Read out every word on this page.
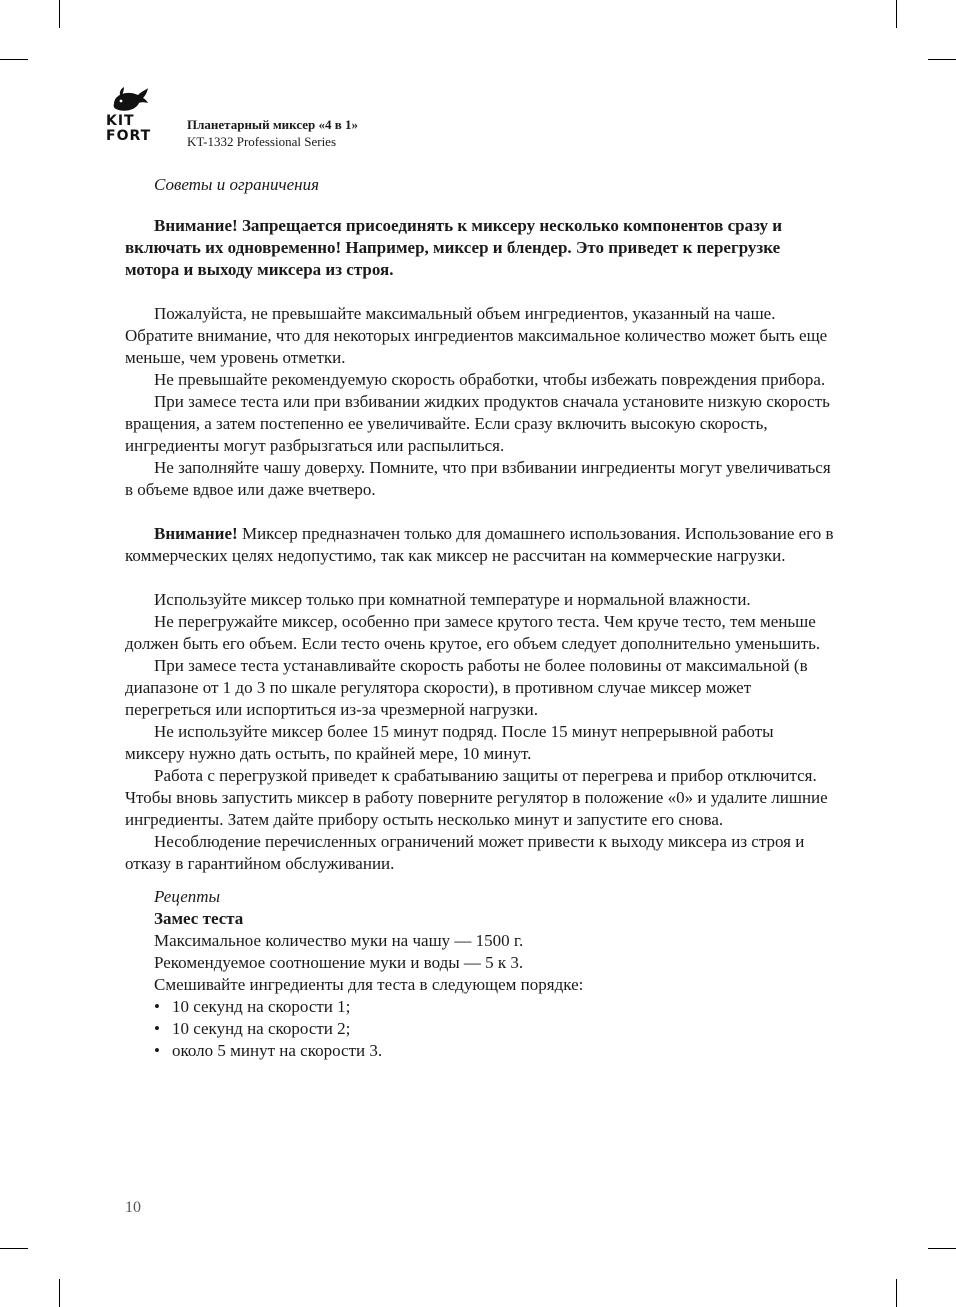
KIT
FORT
Планетарный миксер «4 в 1»
KT-1332 Professional Series
Советы и ограничения
Внимание! Запрещается присоединять к миксеру несколько компонентов сразу и включать их одновременно! Например, миксер и блендер. Это приведет к перегрузке мотора и выходу миксера из строя.
Пожалуйста, не превышайте максимальный объем ингредиентов, указанный на чаше. Обратите внимание, что для некоторых ингредиентов максимальное количество может быть еще меньше, чем уровень отметки.
Не превышайте рекомендуемую скорость обработки, чтобы избежать повреждения прибора.
При замесе теста или при взбивании жидких продуктов сначала установите низкую скорость вращения, а затем постепенно ее увеличивайте. Если сразу включить высокую скорость, ингредиенты могут разбрызгаться или распылиться.
Не заполняйте чашу доверху. Помните, что при взбивании ингредиенты могут увеличиваться в объеме вдвое или даже вчетверо.
Внимание! Миксер предназначен только для домашнего использования. Использование его в коммерческих целях недопустимо, так как миксер не рассчитан на коммерческие нагрузки.
Используйте миксер только при комнатной температуре и нормальной влажности.
Не перегружайте миксер, особенно при замесе крутого теста. Чем круче тесто, тем меньше должен быть его объем. Если тесто очень крутое, его объем следует дополнительно уменьшить.
При замесе теста устанавливайте скорость работы не более половины от максимальной (в диапазоне от 1 до 3 по шкале регулятора скорости), в противном случае миксер может перегреться или испортиться из-за чрезмерной нагрузки.
Не используйте миксер более 15 минут подряд. После 15 минут непрерывной работы миксеру нужно дать остыть, по крайней мере, 10 минут.
Работа с перегрузкой приведет к срабатыванию защиты от перегрева и прибор отключится. Чтобы вновь запустить миксер в работу поверните регулятор в положение «0» и удалите лишние ингредиенты. Затем дайте прибору остыть несколько минут и запустите его снова.
Несоблюдение перечисленных ограничений может привести к выходу миксера из строя и отказу в гарантийном обслуживании.
Рецепты
Замес теста
Максимальное количество муки на чашу — 1500 г.
Рекомендуемое соотношение муки и воды — 5 к 3.
Смешивайте ингредиенты для теста в следующем порядке:
• 10 секунд на скорости 1;
• 10 секунд на скорости 2;
• около 5 минут на скорости 3.
10
